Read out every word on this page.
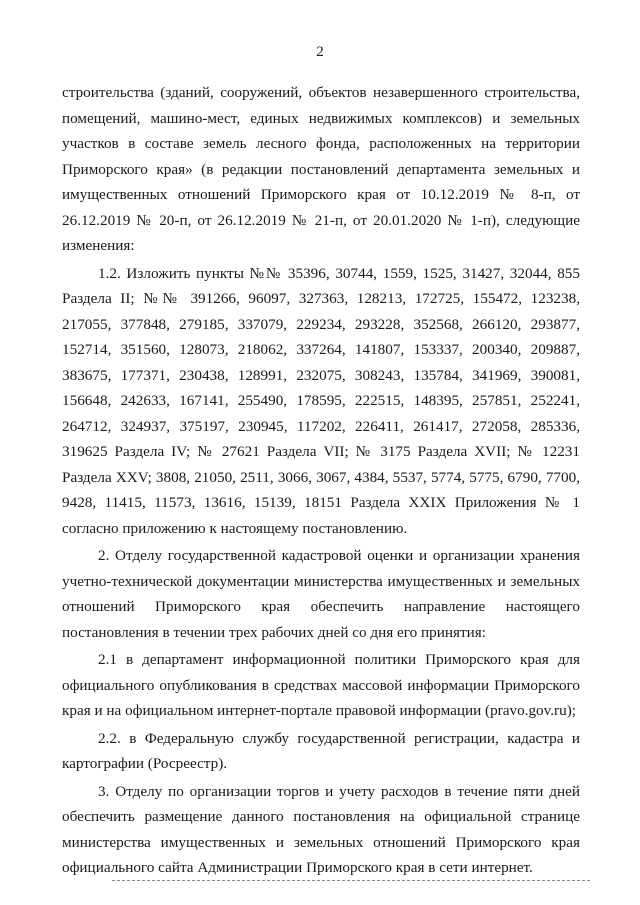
2

строительства (зданий, сооружений, объектов незавершенного строительства, помещений, машино-мест, единых недвижимых комплексов) и земельных участков в составе земель лесного фонда, расположенных на территории Приморского края» (в редакции постановлений департамента земельных и имущественных отношений Приморского края от 10.12.2019 № 8-п, от 26.12.2019 № 20-п, от 26.12.2019 № 21-п, от 20.01.2020 № 1-п), следующие изменения:

1.2. Изложить пункты №№ 35396, 30744, 1559, 1525, 31427, 32044, 855 Раздела II; №№ 391266, 96097, 327363, 128213, 172725, 155472, 123238, 217055, 377848, 279185, 337079, 229234, 293228, 352568, 266120, 293877, 152714, 351560, 128073, 218062, 337264, 141807, 153337, 200340, 209887, 383675, 177371, 230438, 128991, 232075, 308243, 135784, 341969, 390081, 156648, 242633, 167141, 255490, 178595, 222515, 148395, 257851, 252241, 264712, 324937, 375197, 230945, 117202, 226411, 261417, 272058, 285336, 319625 Раздела IV; № 27621 Раздела VII; № 3175 Раздела XVII; № 12231 Раздела XXV; 3808, 21050, 2511, 3066, 3067, 4384, 5537, 5774, 5775, 6790, 7700, 9428, 11415, 11573, 13616, 15139, 18151 Раздела XXIX Приложения № 1 согласно приложению к настоящему постановлению.

2. Отделу государственной кадастровой оценки и организации хранения учетно-технической документации министерства имущественных и земельных отношений Приморского края обеспечить направление настоящего постановления в течении трех рабочих дней со дня его принятия:

2.1 в департамент информационной политики Приморского края для официального опубликования в средствах массовой информации Приморского края и на официальном интернет-портале правовой информации (pravo.gov.ru);

2.2. в Федеральную службу государственной регистрации, кадастра и картографии (Росреестр).

3. Отделу по организации торгов и учету расходов в течение пяти дней обеспечить размещение данного постановления на официальной странице министерства имущественных и земельных отношений Приморского края официального сайта Администрации Приморского края в сети интернет.
